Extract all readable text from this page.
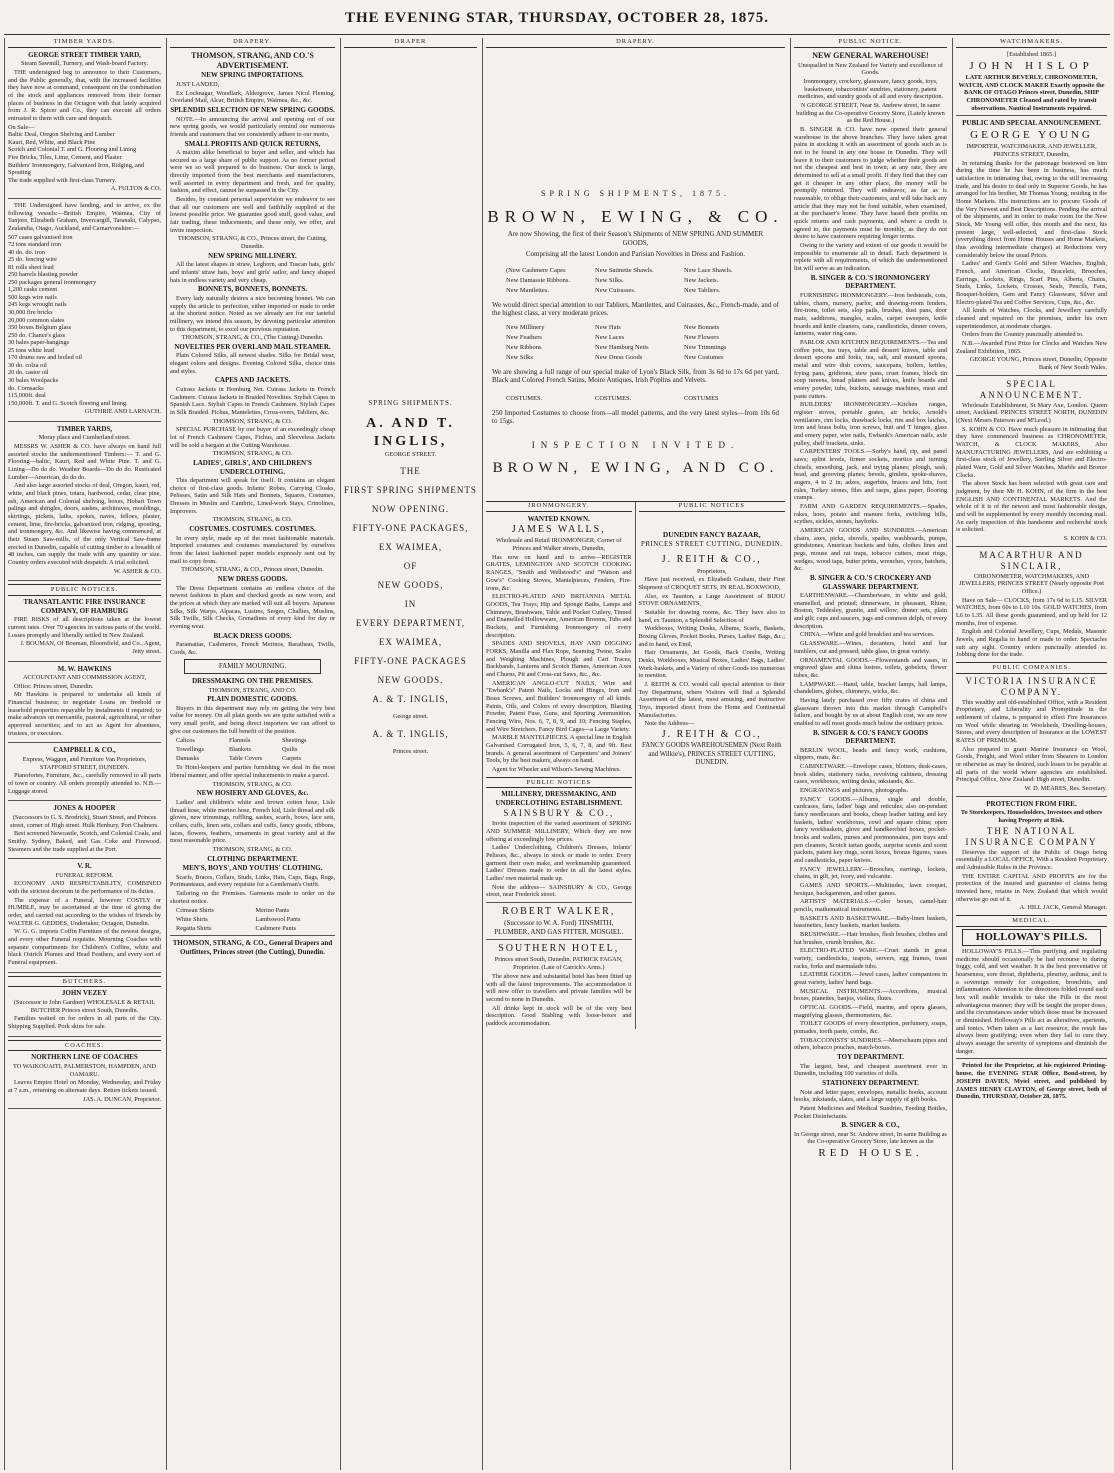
THE EVENING STAR, THURSDAY, OCTOBER 28, 1875.
TIMBER YARDS.
GEORGE STREET TIMBER YARD,
Steam Sawmill, Turnery, and Wash-board Factory.
THE undersigned beg to announce to their Customers, and the Public generally, that, with the increased facilities they have now at command, consequent on the combination of the stock and appliances removed from their former places of business in the Octagon with that lately acquired from J. R. Spicer and Co., they can execute all orders entrusted to them with care and despatch.
On Sale—
Baltic Deal, Oregon Shelving and Lumber
Kauri, Red, White, and Black Pine
Scotch and Colonial T. and G. Flooring and Lining
Fire Bricks, Tiles, Lime, Cement, and Plaster
Builders' Ironmongery, Galvanized Iron, Ridging, and Spouting
The trade supplied with first-class Turnery.
A. FULTON & CO.
THE Undersigned have landing, and to arrive, ex the following vessels:—British Empire, Waimea, City of Tanjore, Elizabeth Graham, Invercargill, Taranaki, Calypso, Zealandia, Otago, Auckland, and Carnarvonshire:—
507 cases galvanised iron
72 tons standard iron
40 do. do. iron
25 do. fencing wire
81 rolls sheet lead
250 barrels blasting powder
250 packages general ironmongery
1,200 casks cement
500 kegs wire nails
245 kegs wrought nails
30,000 fire bricks
20,000 common slates
350 boxes Belgium glass
250 do. Chance's glass
30 bales paper-hangings
25 tons white lead
170 drums raw and boiled oil
30 do. colza oil
20 do. castor oil
30 bales Woolpacks
do. Cornsacks
115,000ft. deal
150,000ft. T. and G. Scotch flooring and lining.
GUTHRIE AND LARNACH.
TIMBER YARDS,
Moray place and Cumberland street.
MESSRS W. ASHER & CO. have always on hand full assorted stocks the undermentioned Timbers:— T. and G. Flooring—baltic, Kauri, Red and White Pine. T. and G. Lining—Do do do. Weather Boards—Do do do. Rusticated Lumber—American, do do do.
And also large assorted stocks of deal, Oregon, kauri, red, white, and black pines, totara, hardwood, cedar, clear pine, ash, American and Colonial shelving, boxes, Hobart Town palings and shingles, doors, sashes, architraves, mouldings, skirtings, pickets, laths, spokes, naves, felloes, plaster, cement, lime, fire-bricks, galvanized iron, ridging, spouting, and ironmongery, &c. And likewise having commenced, at their Steam Saw-mills, of the only Vertical Saw-frame erected in Dunedin, capable of cutting timber to a breadth of 48 inches, can supply the trade with any quantity or size. Country orders executed with despatch. A trial solicited.
W. ASHER & CO.
PUBLIC NOTICES.
TRANSATLANTIC FIRE INSURANCE COMPANY, OF HAMBURG
FIRE RISKS of all descriptions taken at the lowest current rates. Over 70 agencies in various parts of the world. Losses promptly and liberally settled in New Zealand.
J. BOUMAN, Of Bouman, Bloomfield, and Co., Agent, Jetty street.
M. W. HAWKINS
ACCOUNTANT AND COMMISSION AGENT,
Office: Princes street, Dunedin.
Mr Hawkins is prepared to undertake all kinds of Financial business; to negotiate Loans on freehold or leasehold properties repayable by instalments if required; to make advances on mercantile, pastoral, agricultural, or other approved securities; and to act as Agent for absentees, trustees, or executors.
CAMPBELL & CO.,
Express, Waggon, and Furniture Van Proprietors, STAFFORD STREET, DUNEDIN.
Pianofortes, Furniture, &c., carefully removed to all parts of town or country. All orders promptly attended to. N.B.—Luggage stored.
JONES & HOOPER
(Successors to G. S. Brodrick), Stuart Street, and Princes street, corner of High street. Hulk Henbury, Port Chalmers.
Best screened Newcastle, Scotch, and Colonial Coals, and Smithy. Sydney, Baked, and Gas Coke and Firewood. Steamers and the trade supplied at the Port.
V. R.
FUNERAL REFORM.
ECONOMY AND RESPECTABILITY, COMBINED with the strictest decorum in the performance of its duties.
The expense of a Funeral, however COSTLY or HUMBLE, may be ascertained at the time of giving the order, and carried out according to the wishes of friends by WALTER G. GEDDES, Undertaker, Octagon, Dunedin.
W. G. G. imports Coffin Furniture of the newest designs, and every other Funeral requisite. Mourning Coaches with separate compartments for Children's Coffins, white and black Ostrich Plumes and Head Feathers, and every sort of Funeral equipment.
BUTCHERS.
JOHN VEZEY
(Successor to John Gardner) WHOLESALE & RETAIL BUTCHER Princes street South, Dunedin.
Families waited on for orders in all parts of the City. Shipping Supplied. Pork skins for sale.
COACHES.
NORTHERN LINE OF COACHES
TO WAIKOUAITI, PALMERSTON, HAMPDEN, AND OAMARU.
Leaves Empire Hotel on Monday, Wednesday, and Friday at 7 a.m., returning on alternate days. Return tickets issued.
JAS. A. DUNCAN, Proprietor.
DRAPERY.
THOMSON, STRANG, AND CO.'S ADVERTISEMENT.
NEW SPRING IMPORTATIONS.
JUST LANDED,
Ex Lochnagar, Woodlark, Aldergrove, James Nicol Fleming, Overland Mail, Alcar, British Empire, Waimea, &c., &c.
SPLENDID SELECTION OF NEW SPRING GOODS.
NOTE.—In announcing the arrival and opening out of our new spring goods, we would particularly remind our numerous friends and customers that we consistently adhere to our motto,
SMALL PROFITS AND QUICK RETURNS,
A maxim alike beneficial to buyer and seller, and which has secured us a large share of public support. As no former period were we so well prepared to do business. Our stock is large, directly imported from the best merchants and manufacturers, well assorted in every department and fresh, and for quality, fashion, and effect, cannot be surpassed in the City.
Besides, by constant personal supervision we endeavor to see that all our customers are well and faithfully supplied at the lowest possible price. We guarantee good stuff, good value, and fair trading, these inducements, and these only, we offer, and invite inspection.
THOMSON, STRANG, & CO., Princes street, the Cutting, Dunedin.
NEW SPRING MILLINERY.
All the latest shapes in straw, Leghorn, and Tuscan hats, girls' and infants' straw hats, boys' and girls' sailor, and fancy shaped hats in endless variety and very cheap.
BONNETS, BONNETS, BONNETS.
Every lady naturally desires a nice becoming bonnet. We can supply the article to perfection, either imported or made to order at the shortest notice. Noted as we already are for our tasteful millinery, we intend this season, by devoting particular attention to this department, to excel our previous reputation.
THOMSON, STRANG, & CO., (The Cutting) Dunedin.
NOVELTIES PER OVERLAND MAIL STEAMER.
Plain Colored Silks, all newest shades. Silks for Bridal wear, elegant colors and designs. Evening Colored Silks, choice tints and styles.
CAPES AND JACKETS.
Cuirass Jackets in Homburg Net. Cuirass Jackets in French Cashmere. Cuirass Jackets in Braided Novelties. Stylish Capes in Spanish Lace. Stylish Capes in French Cashmere. Stylish Capes in Silk Braided. Fichus, Mantelettes, Cross-overs, Tabliers, &c.
THOMSON, STRANG, & CO.
SPECIAL PURCHASE by our buyer of an exceedingly cheap lot of French Cashmere Capes, Fichus, and Sleeveless Jackets will be sold a bargain at the Cutting Warehouse.
THOMSON, STRANG, & CO.
LADIES', GIRLS', AND CHILDREN'S UNDERCLOTHING.
This department will speak for itself. It contains an elegant choice of first-class goods. Infants' Robes, Carrying Cloaks, Pelisses, Satin and Silk Hats and Bonnets, Squares, Costumes, Dresses in Muslin and Cambric, Lined-work Stays, Crinolines, Improvers.
THOMSON, STRANG, & CO.
COSTUMES. COSTUMES. COSTUMES.
In every style, made up of the most fashionable materials. Imported costumes and costumes manufactured by ourselves from the latest fashioned paper models expressly sent out by mail to copy from.
THOMSON, STRANG, & CO., Princes street, Dunedin.
NEW DRESS GOODS.
The Dress Department contains an endless choice of the newest fashions in plain and checked goods as now worn, and the prices at which they are marked will suit all buyers. Japanese Silks, Silk Warps, Alpacas, Lustres, Serges, Challies, Muslins, Silk Twills, Silk Checks, Grenadines of every kind for day or evening wear.
BLACK DRESS GOODS.
Paramattas, Cashmeres, French Merinos, Baratheas, Twills, Cords, &c.
FAMILY MOURNING.
DRESSMAKING ON THE PREMISES.
THOMSON, STRANG, AND CO.
PLAIN DOMESTIC GOODS.
Buyers in this department may rely on getting the very best value for money. On all plain goods we are quite satisfied with a very small profit, and being direct importers we can afford to give our customers the full benefit of the position.
Calicos	Flannels	Sheetings
Towellings	Blankets	Quilts
Damasks	Table Covers	Carpets
To Hotel-keepers and parties furnishing we deal in the most liberal manner, and offer special inducements to make a parcel.
THOMSON, STRANG, & CO.
NEW HOSIERY AND GLOVES, &c.
Ladies' and children's white and brown cotton hose, Lisle thread hose, white merino hose, French kid, Lisle thread and silk gloves, new trimmings, ruffling, sashes, scarfs, bows, lace sets, collars, cuffs, linen sets, collars and cuffs, fancy goods, ribbons, laces, flowers, feathers, ornaments in great variety and at the most reasonable price.
THOMSON, STRANG, & CO.
CLOTHING DEPARTMENT.
MEN'S, BOYS', AND YOUTHS' CLOTHING.
Scarfs, Braces, Collars, Studs, Links, Hats, Caps, Bags, Rugs, Portmanteaus, and every requisite for a Gentleman's Outfit.
Tailoring on the Premises. Garments made to order on the shortest notice.
Crimean Shirts	Merino Pants
White Shirts	Lambswool Pants
Regatta Shirts	Cashmere Pants
THOMSON, STRANG, & CO., General Drapers and Outfitters, Princes street (the Cutting), Dunedin.
DRAPER
SPRING SHIPMENTS.
A. AND T. INGLIS,
GEORGE STREET.
THE
FIRST SPRING SHIPMENTS
NOW OPENING.
FIFTY-ONE PACKAGES,
EX WAIMEA,
OF
NEW GOODS,
IN
EVERY DEPARTMENT,
EX WAIMEA,
FIFTY-ONE PACKAGES
NEW GOODS.
A. & T. INGLIS,
George street.
A. & T. INGLIS,
Princes street.
DRAPERY.
SPRING SHIPMENTS, 1875.
BROWN, EWING, & CO.
Are now Showing, the first of their Season's Shipments of NEW SPRING AND SUMMER GOODS,
Comprising all the latest London and Parisian Novelties in Dress and Fashion.
(New Cashmere Capes	New Satinette Shawls.	New Lace Shawls.
New Damassie Ribbons.	New Silks.	New Jackets.
New Mantlettes.	New Cuirasses.	New Tabliers.
We would direct special attention to our Tabliers, Mantlettes, and Cuirasses, &c., French-made, and of the highest class, at very moderate prices.
New Millinery	New Hats	New Bonnets
New Feathers	New Laces	New Flowers
New Ribbons	New Hamburg Netts	New Trimmings
New Silks	New Dress Goods	New Costumes
We are showing a full range of our special make of Lyon's Black Silk, from 3s 6d to 17s 6d per yard, Black and Colored French Satins, Moire Antiques, Irish Poplins and Velvets.
COSTUMES.	COSTUMES.	COSTUMES
250 Imported Costumes to choose from—all model patterns, and the very latest styles—from 10s 6d to 15gs.
INSPECTION INVITED.
BROWN, EWING, AND CO.
IRONMONGERY.
WANTED KNOWN.
JAMES WALLS,
Wholesale and Retail IRONMONGER, Corner of Princes and Walker streets, Dunedin,
Has now on hand and to arrive—REGISTER GRATES, LEMINGTON AND SCOTCH COOKING RANGES, "Smith and Wellstood's" and "Watson and Gow's" Cooking Stoves, Mantelpieces, Fenders, Fire-irons, &c.
ELECTRO-PLATED AND BRITANNIA METAL GOODS, Tea Trays, Hip and Sponge Baths, Lamps and Chimneys, Brushware, Table and Pocket Cutlery, Tinned and Enamelled Hollowware, American Brooms, Tubs and Buckets, and Furnishing Ironmongery of every description.
SPADES AND SHOVELS, HAY AND DIGGING FORKS, Manilla and Flax Rope, Seaming Twine, Scales and Weighing Machines, Plough and Cart Traces, Backbands, Lanterns and Scotch Hames, American Axes and Churns, Pit and Cross-cut Saws, &c., &c.
AMERICAN ANGLO-CUT NAILS, Wire and "Ewbank's" Patent Nails, Locks and Hinges, Iron and Brass Screws, and Builders' Ironmongery of all kinds. Paints, Oils, and Colors of every description, Blasting Powder, Patent Fuse, Guns, and Sporting Ammunition. Fencing Wire, Nos. 6, 7, 8, 9, and 10; Fencing Staples, and Wire Stretchers. Fancy Bird Cages—a Large Variety.
MARBLE MANTELPIECES. A special line in English Galvanised Corrugated Iron, 5, 6, 7, 8, and 9ft. Best brands. A general assortment of Carpenters' and Joiners' Tools, by the best makers, always on hand.
Agent for Wheeler and Wilson's Sewing Machines.
PUBLIC NOTICES
MILLINERY, DRESSMAKING, AND UNDERCLOTHING ESTABLISHMENT.
SAINSBURY & CO.,
Invite inspection of the varied assortment of SPRING AND SUMMER MILLINERY, Which they are now offering at exceedingly low prices.
Ladies' Underclothing, Children's Dresses, Infants' Pelisses, &c., always in stock or made to order. Every garment their own make, and workmanship guaranteed. Ladies' Dresses made to order in all the latest styles. Ladies' own material made up.
Note the address— SAINSBURY & CO., George street, near Frederick street.
ROBERT WALKER,
(Successor to W. A. Ford) TINSMITH, PLUMBER, AND GAS FITTER, MOSGIEL.
SOUTHERN HOTEL,
Princes street South, Dunedin. PATRICK FAGAN, Proprietor. (Late of Carrick's Arms.)
The above new and substantial hotel has been fitted up with all the latest improvements. The accommodation it will now offer to travellers and private families will be second to none in Dunedin.
All drinks kept in stock will be of the very best description. Good Stabling with loose-boxes and paddock accommodation.
PUBLIC NOTICES
DUNEDIN FANCY BAZAAR,
PRINCES STREET CUTTING, DUNEDIN.
J. REITH & CO.,
Proprietors,
Have just received, ex Elizabeth Graham, their First Shipment of CROQUET SETS, IN REAL BOXWOOD,
Also, ex Taunton, a Large Assortment of BIJOU STOVE ORNAMENTS,
Suitable for drawing rooms, &c. They have also to hand, ex Taunton, a Splendid Selection of
Workboxes, Writing Desks, Albums, Scarfs, Baskets, Boxing Gloves, Pocket Books, Purses, Ladies' Bags, &c.; and to hand, ex Emil,
Hair Ornaments, Jet Goods, Back Combs, Writing Desks, Workboxes, Musical Boxes, Ladies' Bags, Ladies' Work-baskets, and a Variety of other Goods too numerous to mention.
J. REITH & CO. would call special attention to their Toy Department, where Visitors will find a Splendid Assortment of the latest, most amusing, and instructive Toys, imported direct from the Home and Continental Manufactories.
Note the Address—
J. REITH & CO.,
FANCY GOODS WAREHOUSEMEN (Next Reith and Wilkie's), PRINCES STREET CUTTING, DUNEDIN.
PUBLIC NOTICE.
NEW GENERAL WAREHOUSE!
Unequalled in New Zealand for Variety and excellence of Goods.
Ironmongery, crockery, glassware, fancy goods, toys, basketware, tobacconists' sundries, stationery, patent medicines, and sundry goods of all and every description.
N GEORGE STREET, Near St. Andrew street, In same building as the Co-operative Grocery Store, (Lately known as the Red House.)
B. SINGER & CO. have now opened their general warehouse in the above branches. They have taken great pains in stocking it with an assortment of goods such as is not to be found in any one house in Dunedin. They will leave it to their customers to judge whether their goods are not the cheapest and best in town; at any rate, they are determined to sell at a small profit. If they find that they can get it cheaper in any other place, the money will be promptly returned. They will endeavor, as far as is reasonable, to oblige their customers, and will take back any article that they may not be fond suitable, when examined, at the purchaser's home. They have based their profits on quick returns and cash payments, and where a credit is agreed to, the payments must be monthly, as they do not desire to have customers requiring longer terms.
Owing to the variety and extent of our goods it would be impossible to enumerate all in detail. Each department is replete with all requirements, of which the undermentioned list will serve as an indication.
B. SINGER & CO.'S IRONMONGERY DEPARTMENT.
FURNISHING IRONMONGERY.—Iron bedsteads, cots, tables, chairs, nursery, parlor, and drawing-room fenders, fire-irons, toilet sets, slop pails, brushes, dust pans, door mats, saddirons, mangles, scales, carpet sweepers, knife boards and knife cleaners, cans, candlesticks, dinner covers, lanterns, water ring cans.
PARLOR AND KITCHEN REQUIREMENTS.—Tea and coffee pots, tea trays, table and dessert knives, table and dessert spoons and forks, tea, salt, and mustard spoons, metal and wire dish covers, saucepans, boilers, kettles, frying pans, gridirons, stew pans, cruet frames, block tin soup tureens, bread platters and knives, knife boards and emery powder, tubs, buckets, sausage machines, meat and paste cutters.
BUILDERS' IRONMONGERY.—Kitchen ranges, register stoves, portable grates, air bricks, Arnold's ventilators, rim locks, drawback locks, rim and box latches, iron and brass bolts, iron screws, butt and T hinges, glass and emery paper, wire nails, Ewbank's American nails, axle pulley, shelf brackets, sinks.
CARPENTERS' TOOLS.—Sorby's hand, rip, and panel saws; splint levels, firmer sockets, mortice and turning chisels, smoothing, jack, and trying planes; plough, sash, bead, and grooving planes; bevels, gimlets, spoke-shaves, augers, 4 to 2 in; adzes, augerbits, braces and bits, foot rules, Turkey stones, files and rasps, glass paper, flooring cramps.
FARM AND GARDEN REQUIREMENTS.—Spades, rakes, hoes, potato and manure forks, switching bills, scythes, sickles, stones, hayforks.
AMERICAN GOODS AND SUNDRIES.—American chairs, axes, picks, shovels, spades, washboards, pumps, grindstones, American buckets and tubs, clothes lines and pegs, mouse and rat traps, tobacco cutters, meat rings, wedges, wood taps, butter prints, wrenches, vyces, hatchets, &c.
B. SINGER & CO.'S CROCKERY AND GLASSWARE DEPARTMENT.
EARTHENWARE.—Chamberware, in white and gold, enamelled, and printed; dinnerware, in pheasant, Rhine, Boston, Teddesley, granite, and willow; dinner sets, plain and gilt; cups and saucers, jugs and common delph, of every description.
CHINA.—White and gold breakfast and tea services.
GLASSWARE.—Wines, decanters, hotel and bar tumblers, cut and pressed; table glass, in great variety.
ORNAMENTAL GOODS.—Flowerstands and vases, in engraved glass and china lustres, toilets, gobelets, flower tubes, &c.
LAMPWARE.—Hand, table, bracket lamps, hall lamps, chandeliers, globes, chimneys, wicks, &c.
Having lately purchased over fifty crates of china and glassware thrown into this market through Campbell's failure, and bought by us at about English cost, we are now enabled to sell most goods much below the ordinary prices.
B. SINGER & CO.'S FANCY GOODS DEPARTMENT.
BERLIN WOOL, beads and fancy work, cushions, slippers, mats, &c.
CABINETWARE.—Envelope cases, blotters, desk-cases, book slides, stationery racks, revolving cabinets, dressing cases, workboxes, writing desks, inkstands, &c.
ENGRAVINGS and pictures, photographs.
FANCY GOODS.—Albums, single and double, cardcases, fans, ladies' bags and reticules; also on-pendant fancy needlecases and books, cheap leather tatting and key baskets, ladies' workboxes, cowl and square china; open fancy workbaskets, glove and handkerchief boxes, pocket-books and wallets, purses and portmonnaies, pen trays and pen cleaners, Scotch tartan goods, surprise scents and scent packets, patent key rings, scent boxes, bronze figures, vases and candlesticks, paper knives.
FANCY JEWELLERY.—Brooches, earrings, lockets, chains, in gilt, jet, ivory, and vulcanite.
GAMES AND SPORTS.—Multitudes, lawn croquet, besique, backgammon, and other games.
ARTISTS' MATERIALS.—Color boxes, camel-hair pencils, mathematical instruments.
BASKETS AND BASKETWARE.—Baby-linen baskets, bassinettes, fancy baskets, market baskets.
BRUSHWARE.—Hair brushes, flesh brushes, clothes and hat brushes, crumb brushes, &c.
ELECTRO-PLATED WARE.—Cruet stands in great variety, candlesticks, teapots, servers, egg frames, toast racks, forks and marmalade tubs.
LEATHER GOODS.—Jewel cases, ladies' companions in great variety, ladies' hand bags.
MUSICAL INSTRUMENTS.—Accordions, musical boxes, pianettes, banjos, violins, flutes.
OPTICAL GOODS.—Field, marine, and opera glasses, magnifying glasses, thermometers, &c.
TOILET GOODS of every description, perfumery, soaps, pomades, tooth paste, combs, &c.
TOBACCONISTS' SUNDRIES.—Meerschaum pipes and others, tobacco pouches, match-boxes.
TOY DEPARTMENT.
The largest, best, and cheapest assortment ever in Dunedin, including 100 varieties of dolls.
STATIONERY DEPARTMENT.
Note and letter paper, envelopes, metallic books, account books, inkstands, slates, and a large supply of gift books.
Patent Medicines and Medical Sundries, Feeding Bottles, Pocket Disinfectants.
B. SINGER & CO.,
In George street, near St. Andrew street, In same Building as the Co-operative Grocery Store, late known as the
RED HOUSE.
WATCHMAKERS.
[Established 1865.]
JOHN HISLOP
LATE ARTHUR BEVERLY, CHRONOMETER, WATCH, AND CLOCK MAKER Exactly opposite the BANK OF OTAGO Princes street, Dunedin, SHIP CHRONOMETER Cleaned and rated by transit observations. Nautical Instruments repaired.
PUBLIC AND SPECIAL ANNOUNCEMENT.
GEORGE YOUNG
IMPORTER, WATCHMAKER, AND JEWELLER, PRINCES STREET, Dunedin,
In returning thanks for the patronage bestowed on him during the time he has been in business, has much satisfaction in intimating that, owing to the still increasing trade, and his desire to deal only in Superior Goods, he has arranged for his brother, Mr Thomas Young, residing in the Home Markets. His instructions are to procure Goods of the Very Newest and Best Descriptions. Pending the arrival of the shipments, and in order to make room for the New Stock, Mr Young will offer, this month and the next, his present large, well-selected, and first-class Stock (everything direct from Home Houses and Home Markets, thus avoiding intermediate charges) at Reductions very considerably below the usual Prices.
Ladies' and Gent's Gold and Silver Watches, English, French, and American Clocks, Bracelets, Brooches, Earrings, Lockets, Rings, Scarf Pins, Alberts, Chains, Studs, Links, Lockets, Crosses, Seals, Pencils, Fans, Bouquet-holders, Gem and Fancy Glassware, Silver and Electro-plated Tea and Coffee Services, Cups, &c., &c.
All kinds of Watches, Clocks, and Jewellery carefully cleaned and repaired on the premises, under his own superintendence, at moderate charges.
Orders from the Country punctually attended to.
N.B.—Awarded First Prize for Clocks and Watches New Zealand Exhibition, 1865.
GEORGE YOUNG, Princes street, Dunedin, Opposite Bank of New South Wales.
SPECIAL ANNOUNCEMENT.
Wholesale Establishment, St Mary Axe, London. Queen street, Auckland. PRINCES STREET NORTH, DUNEDIN [(Next Messrs Paterson and M'Leod.)
S. KOHN & CO. Have much pleasure in intimating that they have commenced business as CHRONOMETER, WATCH, & CLOCK MAKERS, Also MANUFACTURING JEWELLERS, And are exhibiting a first-class stock of Jewellery, Sterling Silver and Electro-plated Ware, Gold and Silver Watches, Marble and Bronze Clocks.
The above Stock has been selected with great care and judgment, by their Mr H. KOHN, of the firm in the best ENGLISH AND CONTINENTAL MARKETS. And the whole of it is of the newest and most fashionable design, and will be supplemented by every monthly incoming mail. An early inspection of this handsome and recherché stock is solicited.
S. KOHN & CO.
MACARTHUR AND SINCLAIR,
CHRONOMETER, WATCHMAKERS, AND JEWELLERS, PRINCES STREET (Nearly opposite Post Office.)
Have on Sale— CLOCKS, from 17s 6d to L15. SILVER WATCHES, from 60s to L10 10s. GOLD WATCHES, from L6 to L35. All these goods guaranteed, and up held for 12 months, free of expense.
English and Colonial Jewellery, Cups, Medals, Masonic Jewels, and Regalia to hand or made to order. Spectacles suit any sight. Country orders punctually attended to. Jobbing done for the trade.
PUBLIC COMPANIES.
VICTORIA INSURANCE COMPANY.
This wealthy and old-established Office, with a Resident Proprietary, and Liberality and Promptitude in the settlement of claims, is prepared to effect Fire Insurances on Wool while shearing in Woolsheds, Dwelling-houses, Stores, and every description of Insurance at the LOWEST RATES OF PREMIUM.
Also prepared to grant Marine Insurance on Wool, Goods, Freight, and Wool either from Shearers to London or otherwise as may be desired, such losses to be payable at all parts of the world where agencies are established. Principal Office, New Zealand: High street, Dunedin.
W. D. MEARES, Res. Secretary.
PROTECTION FROM FIRE.
To Storekeepers, Householders, Investors and others having Property at Risk.
THE NATIONAL INSURANCE COMPANY
Deserves the support of the Public of Otago being essentially a LOCAL OFFICE, With a Resident Proprietary and Admissible Rules in the Province.
THE ENTIRE CAPITAL AND PROFITS are for the protection of the insured and guarantee of claims being invested here, retains in New Zealand that which would otherwise go out of it.
A. HILL JACK, General Manager.
MEDICAL.
HOLLOWAY'S PILLS.
HOLLOWAY'S PILLS.—This purifying and regulating medicine should occasionally be had recourse to during foggy, cold, and wet weather. It is the best preventative of hoarseness, sore throat, diphtheria, pleurisy, asthma, and is a sovereign remedy for congestion, bronchitis, and inflammation. Attention to the directions folded round each box will enable invalids to take the Pills in the most advantageous manner; they will be taught the proper doses, and the circumstances under which those must be increased or diminished. Holloway's Pills act as alteratives, aperients, and tonics. When taken as a last resource, the result has always been gratifying; even when they fail to cure they always assuage the severity of symptoms and diminish the danger.
Printed for the Proprietor, at his registered Printing-house, the EVENING STAR Office, Bond-street, by JOSEPH DAVIES, Myiel street, and published by JAMES HENRY CLAYTON, of George street, both of Dunedin, THURSDAY, October 28, 1875.
